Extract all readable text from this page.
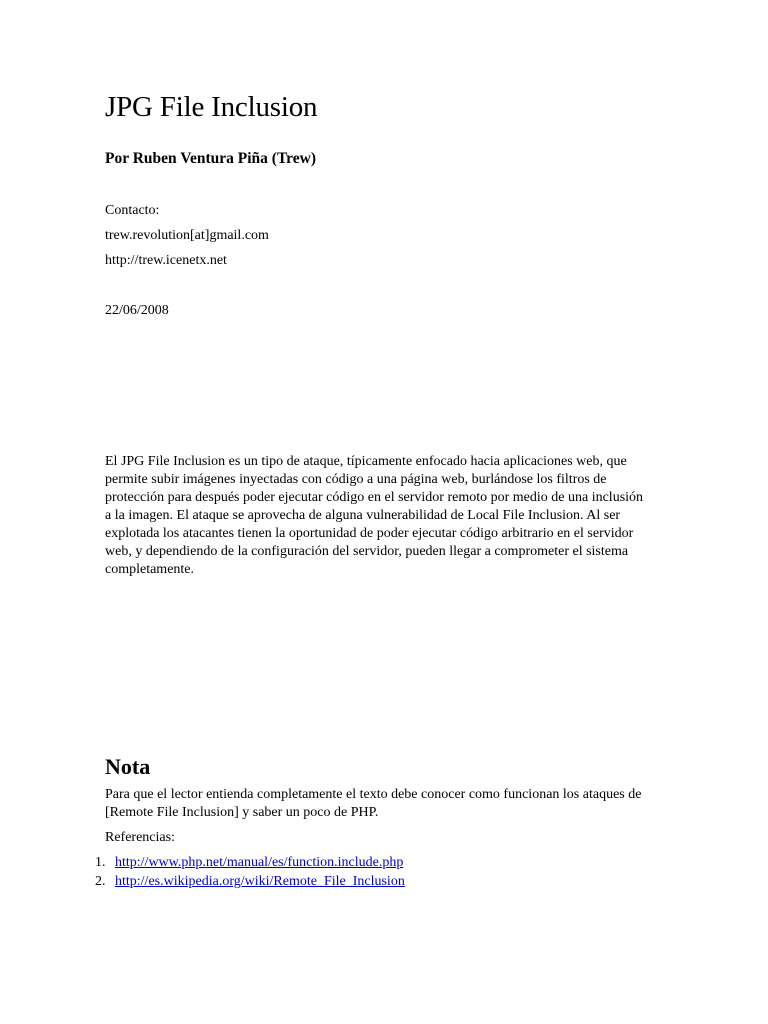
JPG File Inclusion

Por Ruben Ventura Piña (Trew)

Contacto:

trew.revolution[at]gmail.com

http://trew.icenetx.net

22/06/2008

El JPG File Inclusion es un tipo de ataque, típicamente enfocado hacia aplicaciones web, que
permite subir imágenes inyectadas con código a una página web, burlándose los filtros de
protección para después poder ejecutar código en el servidor remoto por medio de una inclusión
a la imagen. El ataque se aprovecha de alguna vulnerabilidad de Local File Inclusion. Al ser
explotada los atacantes tienen la oportunidad de poder ejecutar código arbitrario en el servidor
web, y dependiendo de la configuración del servidor, pueden llegar a comprometer el sistema
completamente.

Nota

Para que el lector entienda completamente el texto debe conocer como funcionan los ataques de
[Remote File Inclusion] y saber un poco de PHP.

Referencias:

1. http://www.php.net/manual/es/function.include.php
2. http://es.wikipedia.org/wiki/Remote_File_Inclusion
